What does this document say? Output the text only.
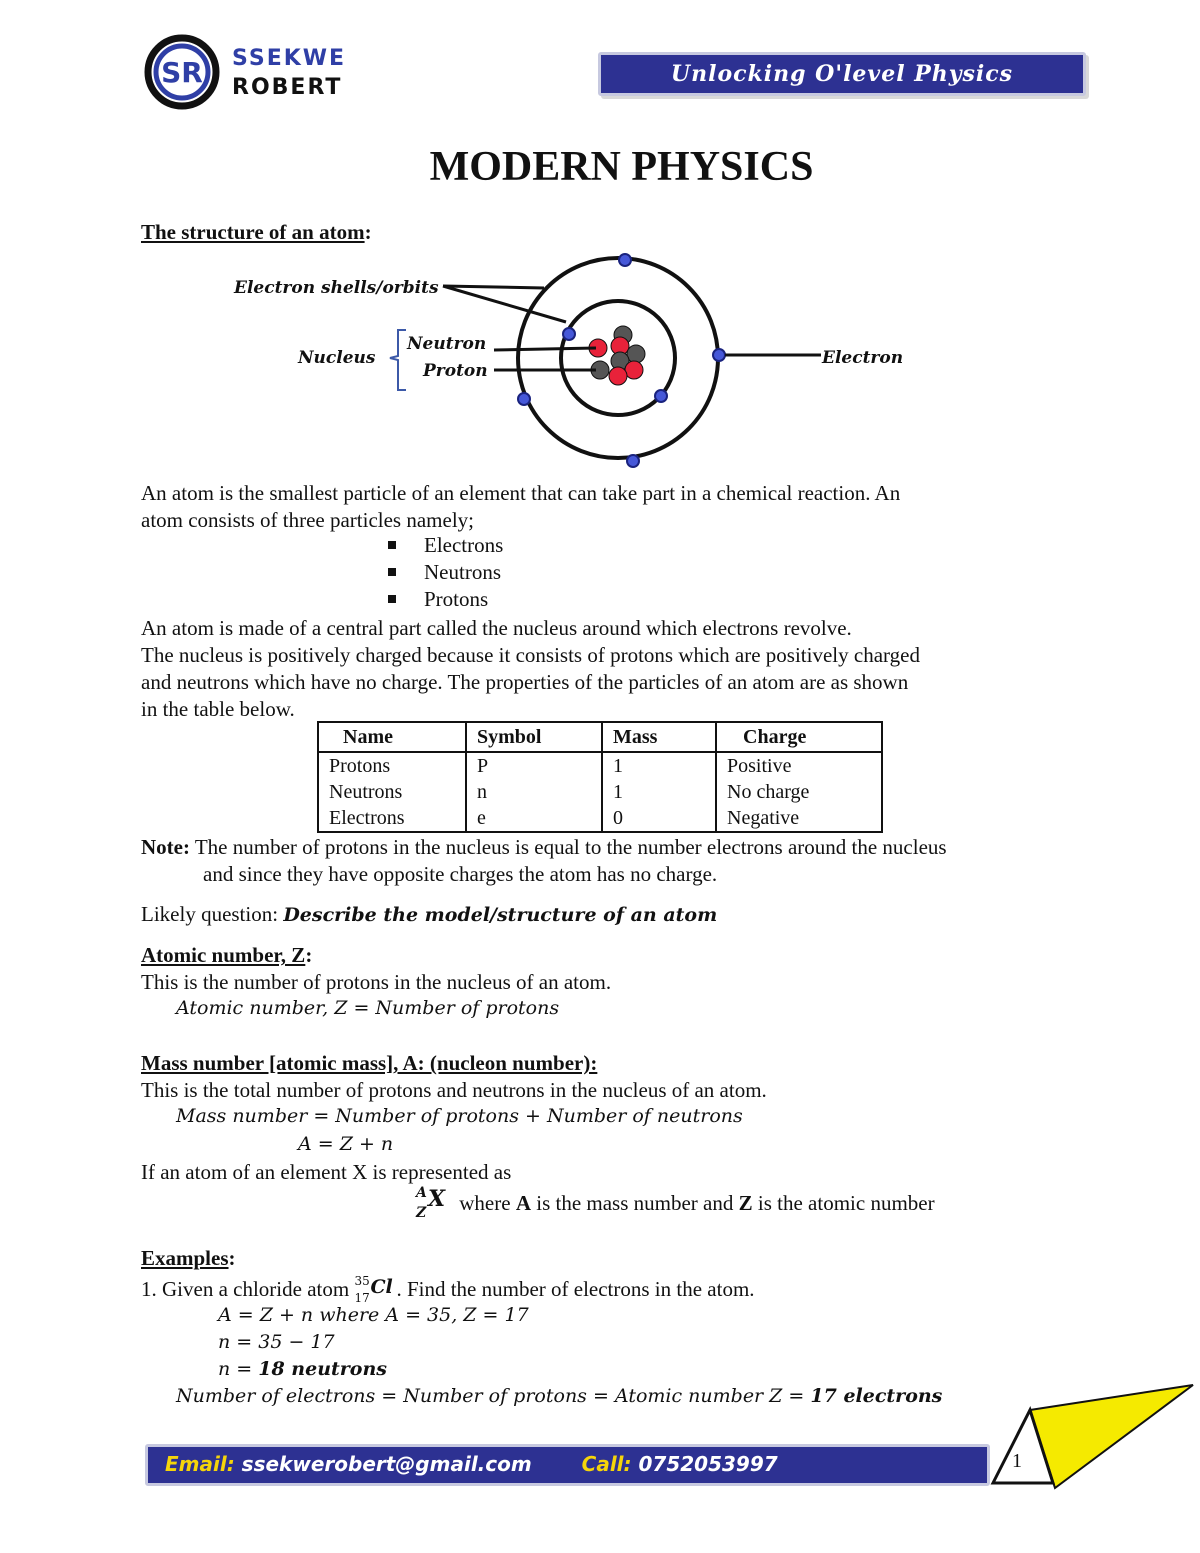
SR SSEKWE
ROBERT
Unlocking O'level Physics
MODERN PHYSICS
The structure of an atom:
Electron shells/orbits
Nucleus
Neutron
Proton
Electron
An atom is the smallest particle of an element that can take part in a chemical reaction. An
atom consists of three particles namely;
Electrons
Neutrons
Protons
An atom is made of a central part called the nucleus around which electrons revolve.
The nucleus is positively charged because it consists of protons which are positively charged
and neutrons which have no charge. The properties of the particles of an atom are as shown
in the table below.
Name	Symbol	Mass	Charge
Protons	P	1	Positive
Neutrons	n	1	No charge
Electrons	e	0	Negative
Note: The number of protons in the nucleus is equal to the number electrons around the nucleus
and since they have opposite charges the atom has no charge.
Likely question: Describe the model/structure of an atom
Atomic number, Z:
This is the number of protons in the nucleus of an atom.
Atomic number, Z = Number of protons
Mass number [atomic mass], A: (nucleon number):
This is the total number of protons and neutrons in the nucleus of an atom.
Mass number = Number of protons + Number of neutrons
A = Z + n
If an atom of an element X is represented as
A
Z
X where A is the mass number and Z is the atomic number
Examples:
1. Given a chloride atom 35
17 Cl . Find the number of electrons in the atom.
A = Z + n where A = 35, Z = 17
n = 35 − 17
n = 18 neutrons
Number of electrons = Number of protons = Atomic number Z = 17 electrons
Email: ssekwerobert@gmail.com Call: 0752053997	1
